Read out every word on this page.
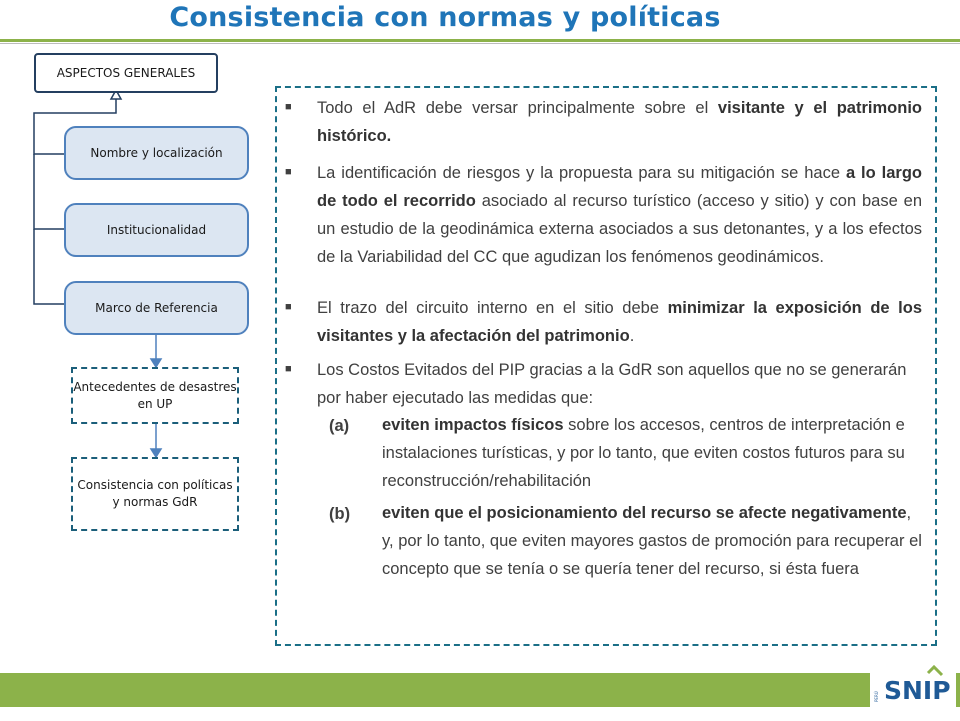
Consistencia con normas y políticas
ASPECTOS GENERALES
Nombre y localización
Institucionalidad
Marco de Referencia
Antecedentes de desastres en UP
Consistencia con políticas y normas GdR
■	Todo el AdR debe versar principalmente sobre el visitante y el patrimonio histórico.
■	La identificación de riesgos y la propuesta para su mitigación se hace a lo largo de todo el recorrido asociado al recurso turístico (acceso y sitio) y con base en un estudio de la geodinámica externa asociados a sus detonantes, y a los efectos de la Variabilidad del CC que agudizan los fenómenos geodinámicos.
■	El trazo del circuito interno en el sitio debe minimizar la exposición de los visitantes y la afectación del patrimonio.
■	Los Costos Evitados del PIP gracias a la GdR son aquellos que no se generarán por haber ejecutado las medidas que:
(a) eviten impactos físicos sobre los accesos, centros de interpretación e instalaciones turísticas, y por lo tanto, que eviten costos futuros para su reconstrucción/rehabilitación
(b) eviten que el posicionamiento del recurso se afecte negativamente, y, por lo tanto, que eviten mayores gastos de promoción para recuperar el concepto que se tenía o se quería tener del recurso, si ésta fuera
SNIP
PERÚ
